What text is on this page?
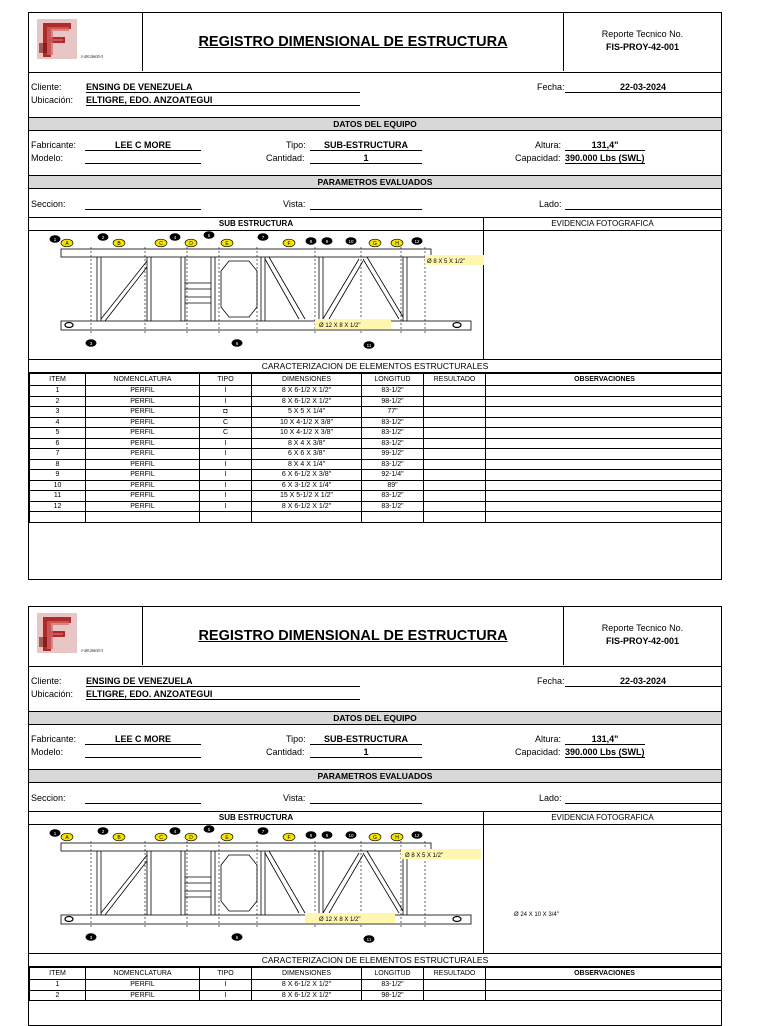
J-40126635-5
REGISTRO DIMENSIONAL DE ESTRUCTURA	Reporte Tecnico No.
FIS-PROY-42-001
Cliente:	ENSING DE VENEZUELA
Ubicación: ELTIGRE, EDO. ANZOATEGUI
Fecha:	22-03-2024
DATOS DEL EQUIPO
Fabricante:	LEE C MORE
Modelo:
Tipo:	SUB-ESTRUCTURA
Cantidad:	1
Altura:	131,4"
Capacidad: 390.000 Lbs (SWL)
PARAMETROS EVALUADOS
Seccion:	Vista:	Lado:
SUB ESTRUCTURA
Ø 8 X 5 X 1/2"
Ø 12 X 8 X 1/2"
A	B	C	D	E	F	G	H
1	2
3
4	5
6
7
8	9	10
11
12
EVIDENCIA FOTOGRAFICA
CARACTERIZACION DE ELEMENTOS ESTRUCTURALES
ITEM	NOMENCLATURA	TIPO	DIMENSIONES	LONGITUD	RESULTADO	OBSERVACIONES
1	PERFIL	I	8 X 6-1/2 X 1/2"	83-1/2"		
2	PERFIL	I	8 X 6-1/2 X 1/2"	98-1/2"		
3	PERFIL	◘	5 X 5 X 1/4"	77"		
4	PERFIL	C	10 X 4-1/2 X 3/8"	83-1/2"		
5	PERFIL	C	10 X 4-1/2 X 3/8"	83-1/2"		
6	PERFIL	I	8 X 4 X 3/8"	83-1/2"		
7	PERFIL	I	6 X 6 X 3/8"	99-1/2"		
8	PERFIL	I	8 X 4 X 1/4"	83-1/2"		
9	PERFIL	I	6 X 6-1/2 X 3/8"	92-1/4"		
10	PERFIL	I	6 X 3-1/2 X 1/4"	89"		
11	PERFIL	I	15 X 5-1/2 X 1/2"	83-1/2"		
12	PERFIL	I	8 X 6-1/2 X 1/2"	83-1/2"		

J-40126635-5
REGISTRO DIMENSIONAL DE ESTRUCTURA	Reporte Tecnico No.
FIS-PROY-42-001
Cliente:	ENSING DE VENEZUELA
Ubicación: ELTIGRE, EDO. ANZOATEGUI
Fecha:	22-03-2024
DATOS DEL EQUIPO
Fabricante:	LEE C MORE
Modelo:
Tipo:	SUB-ESTRUCTURA
Cantidad:	1
Altura:	131,4"
Capacidad: 390.000 Lbs (SWL)
PARAMETROS EVALUADOS
Seccion:	Vista:	Lado:
SUB ESTRUCTURA
Ø 8 X 5 X 1/2"
Ø 12 X 8 X 1/2"
A	B	C	D	E	F	G	H
1	2
3
4	5
6
7
8	9	10
11
12
EVIDENCIA FOTOGRAFICA
Ø 24 X 10 X 3/4"
CARACTERIZACION DE ELEMENTOS ESTRUCTURALES
ITEM	NOMENCLATURA	TIPO	DIMENSIONES	LONGITUD	RESULTADO	OBSERVACIONES
1	PERFIL	I	8 X 6-1/2 X 1/2"	83-1/2"		
2	PERFIL	I	8 X 6-1/2 X 1/2"	98-1/2"		
